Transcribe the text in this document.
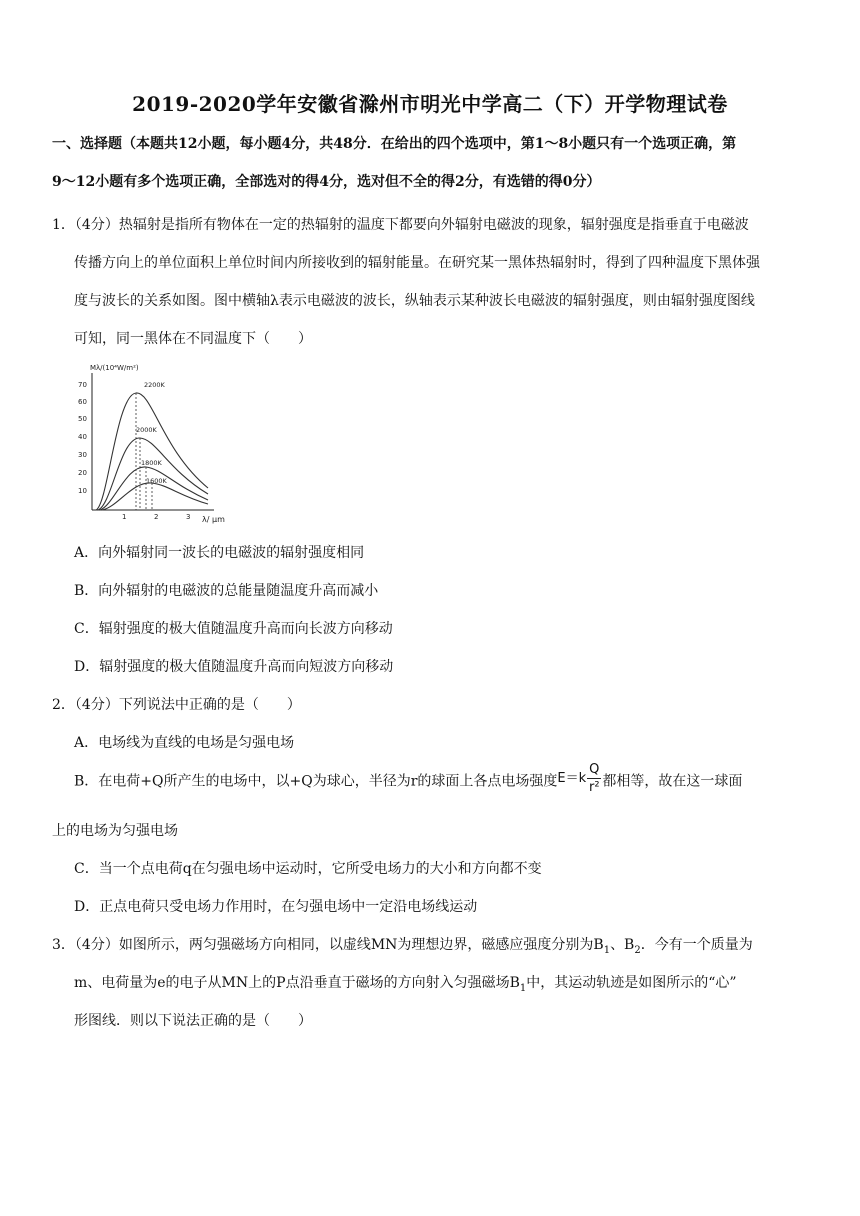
2019-2020学年安徽省滁州市明光中学高二（下）开学物理试卷
一、选择题（本题共12小题，每小题4分，共48分．在给出的四个选项中，第1～8小题只有一个选项正确，第
9～12小题有多个选项正确，全部选对的得4分，选对但不全的得2分，有选错的得0分）
1．（4分）热辐射是指所有物体在一定的热辐射的温度下都要向外辐射电磁波的现象，辐射强度是指垂直于电磁波
传播方向上的单位面积上单位时间内所接收到的辐射能量。在研究某一黑体热辐射时，得到了四种温度下黑体强
度与波长的关系如图。图中横轴λ表示电磁波的波长，纵轴表示某种波长电磁波的辐射强度，则由辐射强度图线
可知，同一黑体在不同温度下（　　）
Mλ/(10⁴W/m²)
70
60
50
40
30
20
10
1	2	3 λ/ μm
2200K
2000K
1800K
1600K
A．向外辐射同一波长的电磁波的辐射强度相同
B．向外辐射的电磁波的总能量随温度升高而减小
C．辐射强度的极大值随温度升高而向长波方向移动
D．辐射强度的极大值随温度升高而向短波方向移动
2．（4分）下列说法中正确的是（　　）
A．电场线为直线的电场是匀强电场
B．在电荷+Q所产生的电场中，以+Q为球心，半径为r的球面上各点电场强度$E=k \frac{Q}{\text{r²}}$ 都相等，故在这一球面
上的电场为匀强电场
C．当一个点电荷q在匀强电场中运动时，它所受电场力的大小和方向都不变
D．正点电荷只受电场力作用时，在匀强电场中一定沿电场线运动
3．（4分）如图所示，两匀强磁场方向相同，以虚线MN为理想边界，磁感应强度分别为$B_1$、$B_2$．今有一个质量为
m、电荷量为e的电子从MN上的P点沿垂直于磁场的方向射入匀强磁场$B_1$中，其运动轨迹是如图所示的“心”
形图线．则以下说法正确的是（　　）
